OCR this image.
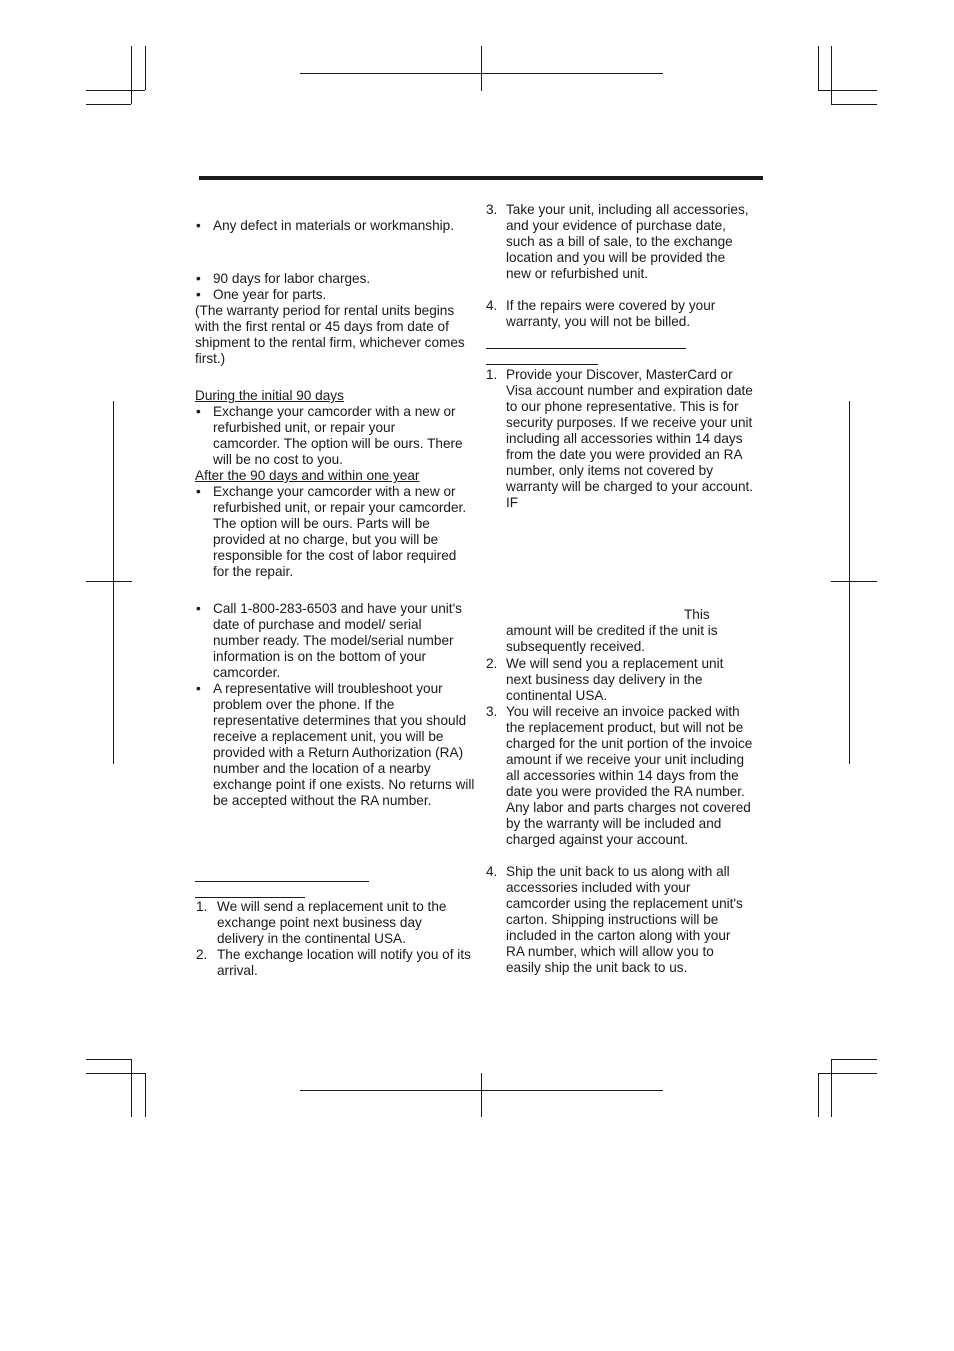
• Any defect in materials or workmanship.
• 90 days for labor charges.
• One year for parts.
(The warranty period for rental units begins with the first rental or 45 days from date of shipment to the rental firm, whichever comes first.)
During the initial 90 days
• Exchange your camcorder with a new or refurbished unit, or repair your camcorder. The option will be ours. There will be no cost to you.
After the 90 days and within one year
• Exchange your camcorder with a new or refurbished unit, or repair your camcorder. The option will be ours. Parts will be provided at no charge, but you will be responsible for the cost of labor required for the repair.
• Call 1-800-283-6503 and have your unit's date of purchase and model/ serial number ready. The model/serial number information is on the bottom of your camcorder.
• A representative will troubleshoot your problem over the phone. If the representative determines that you should receive a replacement unit, you will be provided with a Return Authorization (RA) number and the location of a nearby exchange point if one exists. No returns will be accepted without the RA number.
1. We will send a replacement unit to the exchange point next business day delivery in the continental USA.
2. The exchange location will notify you of its arrival.
3. Take your unit, including all accessories, and your evidence of purchase date, such as a bill of sale, to the exchange location and you will be provided the new or refurbished unit.
4. If the repairs were covered by your warranty, you will not be billed.
1. Provide your Discover, MasterCard or Visa account number and expiration date to our phone representative. This is for security purposes. If we receive your unit including all accessories within 14 days from the date you were provided an RA number, only items not covered by warranty will be charged to your account. IF
This
amount will be credited if the unit is subsequently received.
2. We will send you a replacement unit next business day delivery in the continental USA.
3. You will receive an invoice packed with the replacement product, but will not be charged for the unit portion of the invoice amount if we receive your unit including all accessories within 14 days from the date you were provided the RA number. Any labor and parts charges not covered by the warranty will be included and charged against your account.
4. Ship the unit back to us along with all accessories included with your camcorder using the replacement unit's carton. Shipping instructions will be included in the carton along with your RA number, which will allow you to easily ship the unit back to us.
